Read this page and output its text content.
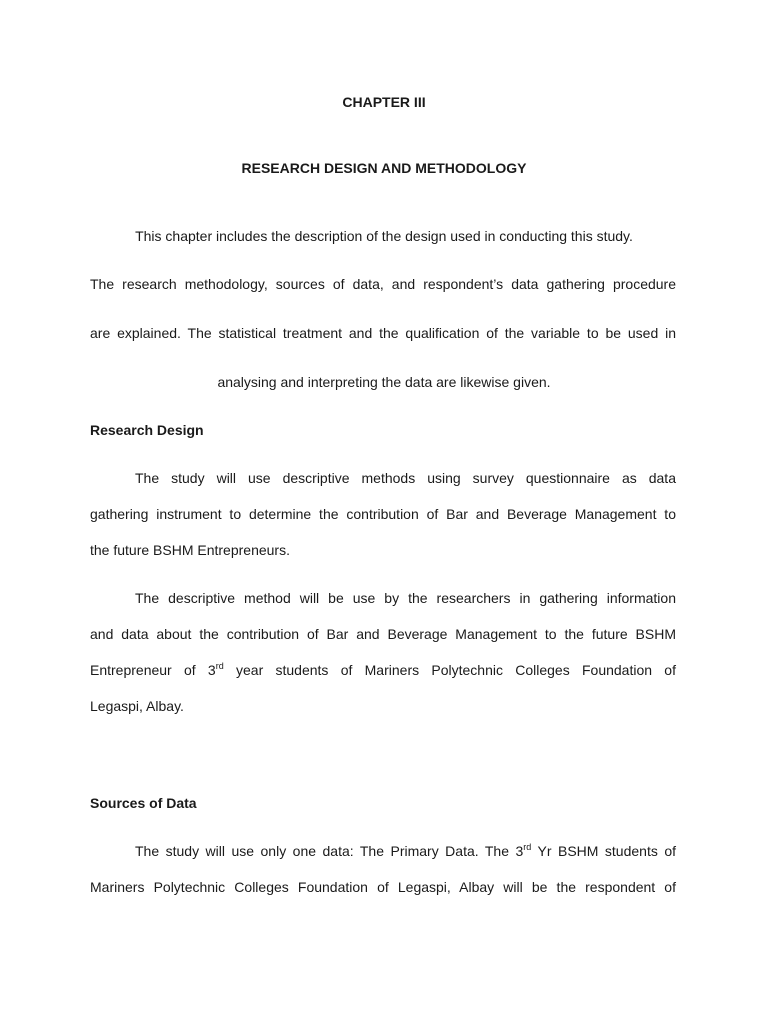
CHAPTER III
RESEARCH DESIGN AND METHODOLOGY
This chapter includes the description of the design used in conducting this study.
The research methodology, sources of data, and respondent’s data gathering procedure
are explained. The statistical treatment and the qualification of the variable to be used in
analysing and interpreting the data are likewise given.
Research Design
The study will use descriptive methods using survey questionnaire as data
gathering instrument to determine the contribution of Bar and Beverage Management to
the future BSHM Entrepreneurs.
The descriptive method will be use by the researchers in gathering information
and data about the contribution of Bar and Beverage Management to the future BSHM
Entrepreneur of 3rd year students of Mariners Polytechnic Colleges Foundation of
Legaspi, Albay.
Sources of Data
The study will use only one data: The Primary Data. The 3rd Yr BSHM students of
Mariners Polytechnic Colleges Foundation of Legaspi, Albay will be the respondent of
